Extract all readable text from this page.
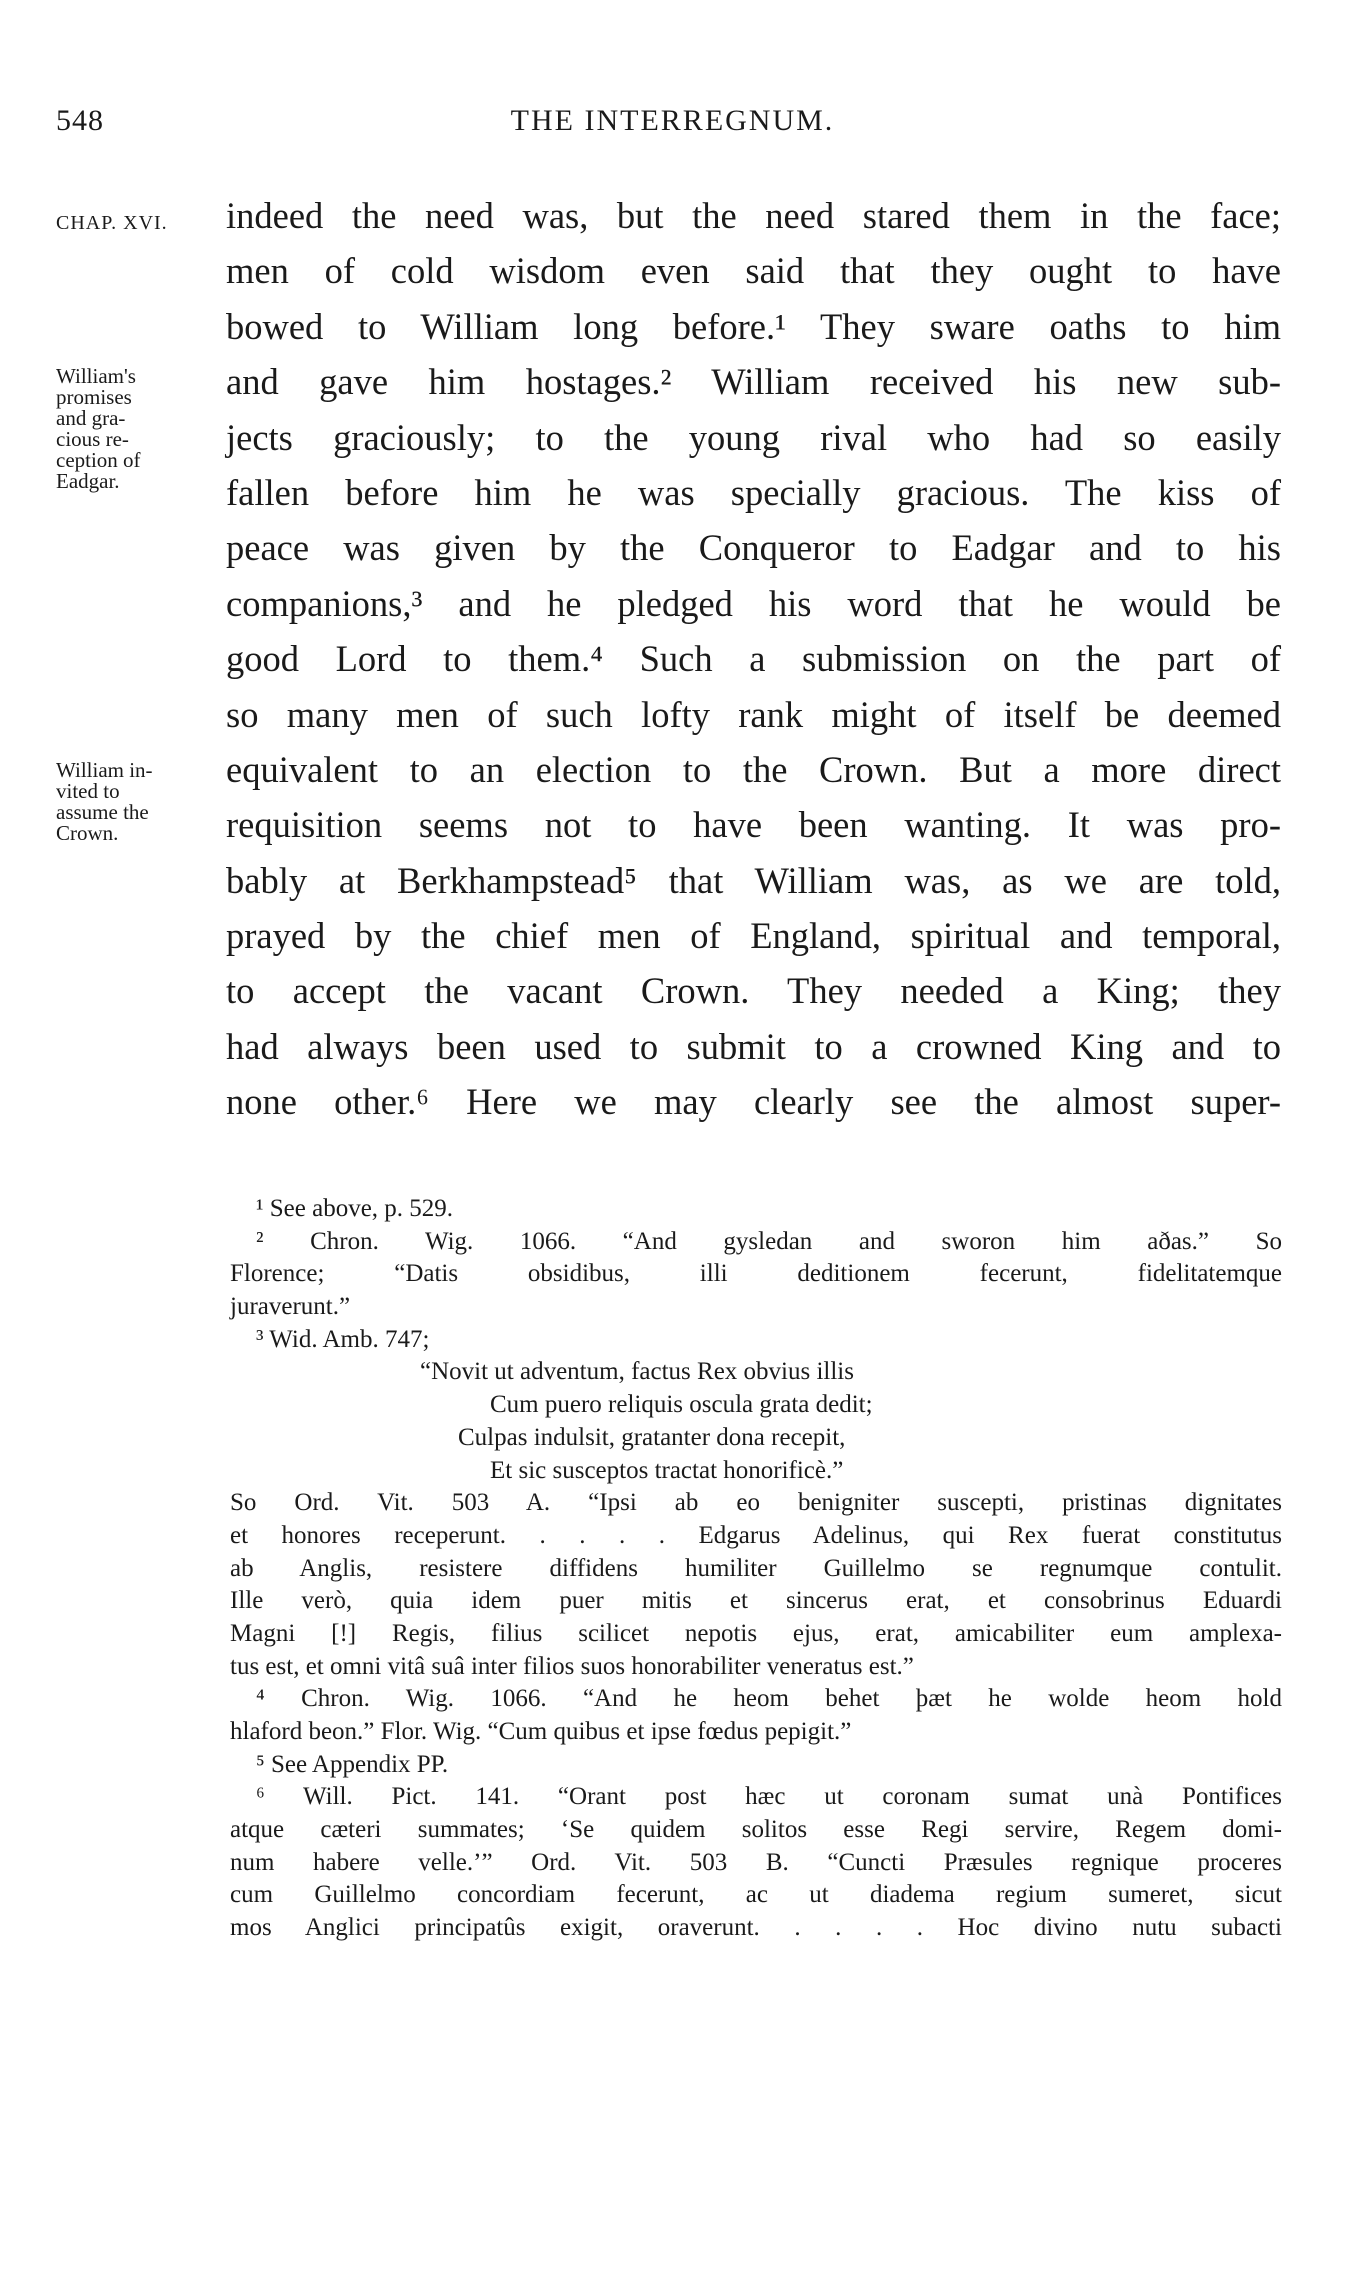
548	THE INTERREGNUM.
CHAP. XVI.
William's
promises
and gra-
cious re-
ception of
Eadgar.
William in-
vited to
assume the
Crown.
indeed the need was, but the need stared them in the face;
men of cold wisdom even said that they ought to have
bowed to William long before.¹ They sware oaths to him
and gave him hostages.² William received his new sub-
jects graciously; to the young rival who had so easily
fallen before him he was specially gracious. The kiss of
peace was given by the Conqueror to Eadgar and to his
companions,³ and he pledged his word that he would be
good Lord to them.⁴ Such a submission on the part of
so many men of such lofty rank might of itself be deemed
equivalent to an election to the Crown. But a more direct
requisition seems not to have been wanting. It was pro-
bably at Berkhampstead⁵ that William was, as we are told,
prayed by the chief men of England, spiritual and temporal,
to accept the vacant Crown. They needed a King; they
had always been used to submit to a crowned King and to
none other.⁶ Here we may clearly see the almost super-
¹ See above, p. 529.
² Chron. Wig. 1066. “And gysledan and sworon him aðas.” So
Florence; “Datis obsidibus, illi deditionem fecerunt, fidelitatemque
juraverunt.”
³ Wid. Amb. 747;
“Novit ut adventum, factus Rex obvius illis
Cum puero reliquis oscula grata dedit;
Culpas indulsit, gratanter dona recepit,
Et sic susceptos tractat honorificè.”
So Ord. Vit. 503 A. “Ipsi ab eo benigniter suscepti, pristinas dignitates
et honores receperunt. . . . . Edgarus Adelinus, qui Rex fuerat constitutus
ab Anglis, resistere diffidens humiliter Guillelmo se regnumque contulit.
Ille verò, quia idem puer mitis et sincerus erat, et consobrinus Eduardi
Magni [!] Regis, filius scilicet nepotis ejus, erat, amicabiliter eum amplexa-
tus est, et omni vitâ suâ inter filios suos honorabiliter veneratus est.”
⁴ Chron. Wig. 1066. “And he heom behet þæt he wolde heom hold
hlaford beon.” Flor. Wig. “Cum quibus et ipse fœdus pepigit.”
⁵ See Appendix PP.
⁶ Will. Pict. 141. “Orant post hæc ut coronam sumat unà Pontifices
atque cæteri summates; ‘Se quidem solitos esse Regi servire, Regem domi-
num habere velle.’” Ord. Vit. 503 B. “Cuncti Præsules regnique proceres
cum Guillelmo concordiam fecerunt, ac ut diadema regium sumeret, sicut
mos Anglici principatûs exigit, oraverunt. . . . . Hoc divino nutu subacti
